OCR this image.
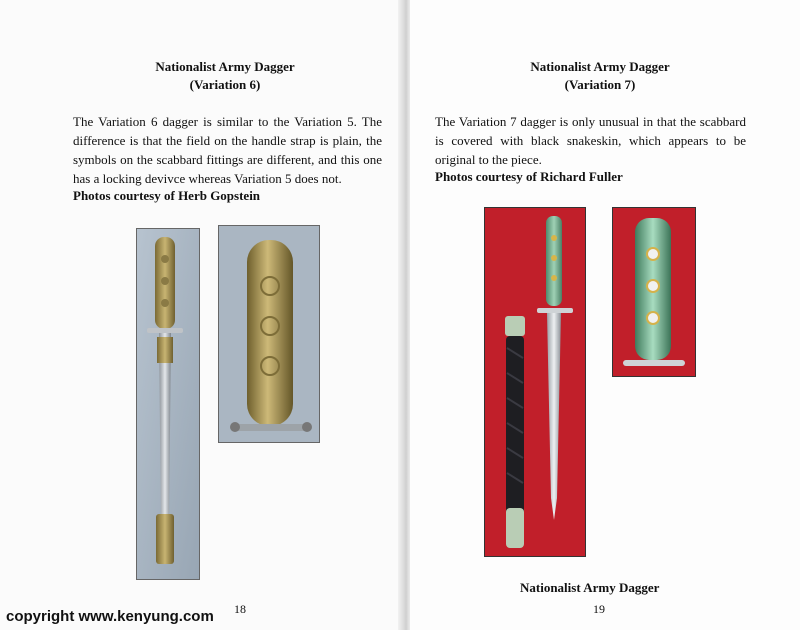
Nationalist Army Dagger
(Variation 6)
The Variation 6 dagger is similar to the Variation 5. The difference is that the field on the handle strap is plain, the symbols on the scabbard fittings are different, and this one has a locking devivce whereas Variation 5 does not.
Photos courtesy of Herb Gopstein
18
Nationalist Army Dagger
(Variation 7)
The Variation 7 dagger is only unusual in that the scabbard is covered with black snakeskin, which appears to be original to the piece.
Photos courtesy of Richard Fuller
Nationalist Army Dagger
19
copyright www.kenyung.com
